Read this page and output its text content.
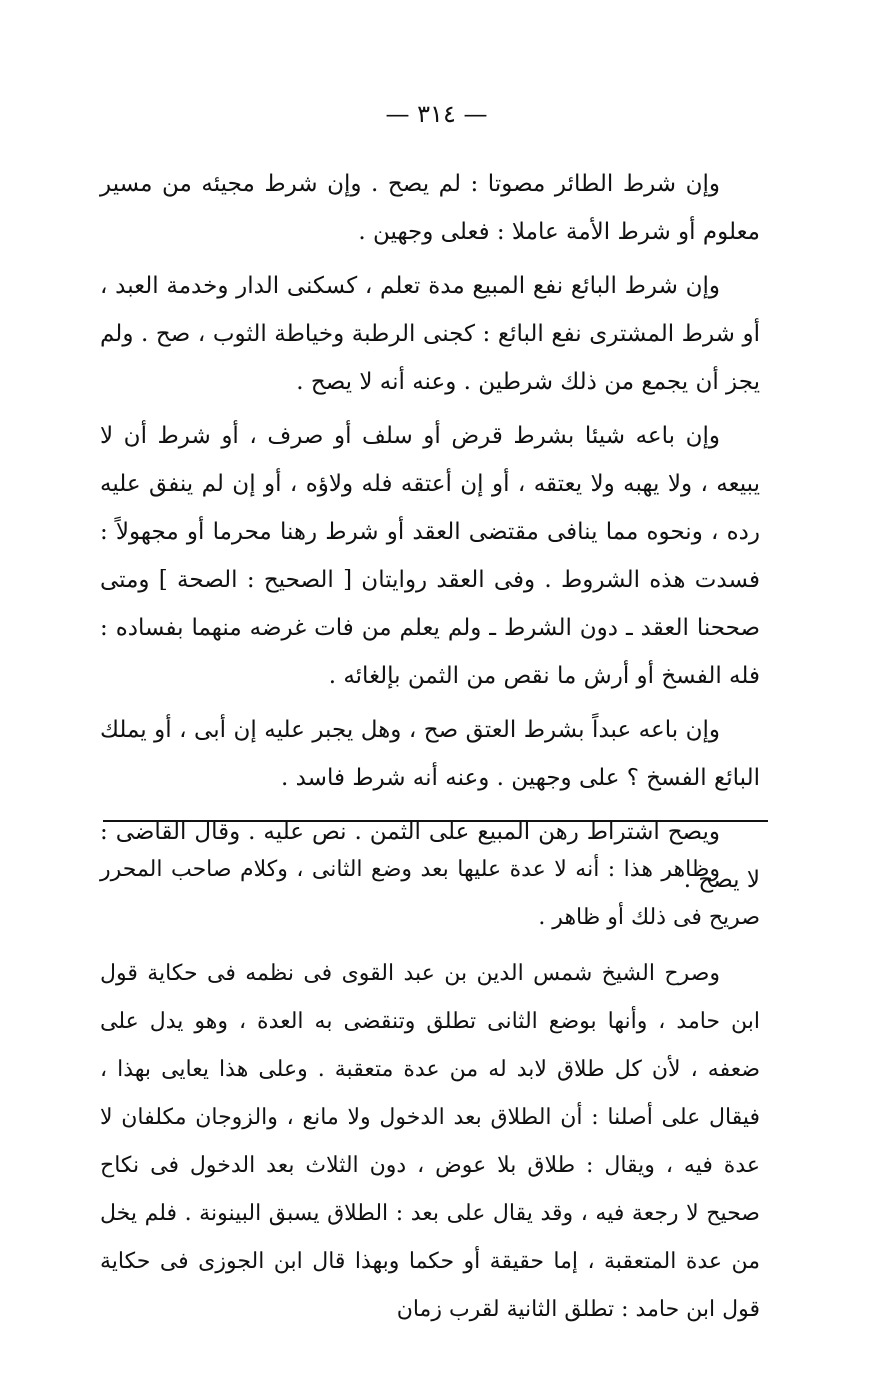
— ٣١٤ —

وإن شرط الطائر مصوتا : لم يصح . وإن شرط مجيئه من مسير معلوم أو شرط الأمة عاملا : فعلى وجهين .

وإن شرط البائع نفع المبيع مدة تعلم ، كسكنى الدار وخدمة العبد ، أو شرط المشترى نفع البائع : كجنى الرطبة وخياطة الثوب ، صح . ولم يجز أن يجمع من ذلك شرطين . وعنه أنه لا يصح .

وإن باعه شيئا بشرط قرض أو سلف أو صرف ، أو شرط أن لا يبيعه ، ولا يهبه ولا يعتقه ، أو إن أعتقه فله ولاؤه ، أو إن لم ينفق عليه رده ، ونحوه مما ينافى مقتضى العقد أو شرط رهنا محرما أو مجهولاً : فسدت هذه الشروط . وفى العقد روايتان [ الصحيح : الصحة ] ومتى صححنا العقد ـ دون الشرط ـ ولم يعلم من فات غرضه منهما بفساده : فله الفسخ أو أرش ما نقص من الثمن بإلغائه .

وإن باعه عبداً بشرط العتق صح ، وهل يجبر عليه إن أبى ، أو يملك البائع الفسخ ؟ على وجهين . وعنه أنه شرط فاسد .

ويصح اشتراط رهن المبيع على الثمن . نص عليه . وقال القاضى : لا يصح .

وظاهر هذا : أنه لا عدة عليها بعد وضع الثانى ، وكلام صاحب المحرر صريح فى ذلك أو ظاهر .

وصرح الشيخ شمس الدين بن عبد القوى فى نظمه فى حكاية قول ابن حامد ، وأنها بوضع الثانى تطلق وتنقضى به العدة ، وهو يدل على ضعفه ، لأن كل طلاق لابد له من عدة متعقبة . وعلى هذا يعايى بهذا ، فيقال على أصلنا : أن الطلاق بعد الدخول ولا مانع ، والزوجان مكلفان لا عدة فيه ، ويقال : طلاق بلا عوض ، دون الثلاث بعد الدخول فى نكاح صحيح لا رجعة فيه ، وقد يقال على بعد : الطلاق يسبق البينونة . فلم يخل من عدة المتعقبة ، إما حقيقة أو حكما وبهذا قال ابن الجوزى فى حكاية قول ابن حامد : تطلق الثانية لقرب زمان
